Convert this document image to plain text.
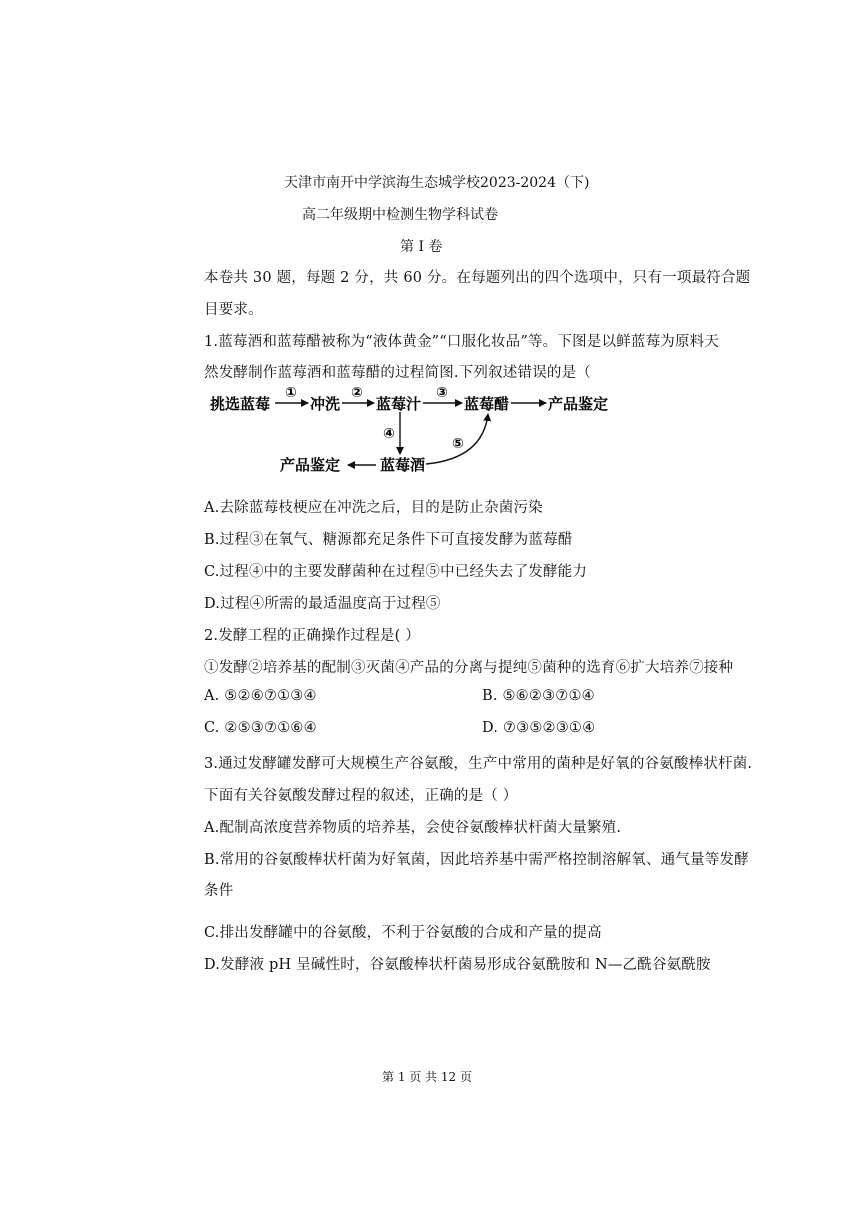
天津市南开中学滨海生态城学校2023-2024（下)
高二年级期中检测生物学科试卷
第 I 卷
本卷共 30 题，每题 2 分，共 60 分。在每题列出的四个选项中，只有一项最符合题
目要求。
1.蓝莓酒和蓝莓醋被称为“液体黄金”“口服化妆品”等。下图是以鲜蓝莓为原料天
然发酵制作蓝莓酒和蓝莓醋的过程简图.下列叙述错误的是（
挑选蓝莓	冲洗 蓝莓汁	蓝莓醋	产品鉴定
蓝莓酒
产品鉴定
①	②	③
④
⑤
A.去除蓝莓枝梗应在冲洗之后，目的是防止杂菌污染
B.过程③在氧气、糖源都充足条件下可直接发酵为蓝莓醋
C.过程④中的主要发酵菌种在过程⑤中已经失去了发酵能力
D.过程④所需的最适温度高于过程⑤
2.发酵工程的正确操作过程是( ）
①发酵②培养基的配制③灭菌④产品的分离与提纯⑤菌种的选育⑥扩大培养⑦接种
A. ⑤②⑥⑦①③④	B. ⑤⑥②③⑦①④
C. ②⑤③⑦①⑥④	D. ⑦③⑤②③①④
3.通过发酵罐发酵可大规模生产谷氨酸，生产中常用的菌种是好氧的谷氨酸棒状杆菌.
下面有关谷氨酸发酵过程的叙述，正确的是（ ）
A.配制高浓度营养物质的培养基，会使谷氨酸棒状杆菌大量繁殖.
B.常用的谷氨酸棒状杆菌为好氧菌，因此培养基中需严格控制溶解氧、通气量等发酵
条件
C.排出发酵罐中的谷氨酸，不利于谷氨酸的合成和产量的提高
D.发酵液 pH 呈碱性时，谷氨酸棒状杆菌易形成谷氨酰胺和 N—乙酰谷氨酰胺
第 1 页 共 12 页
